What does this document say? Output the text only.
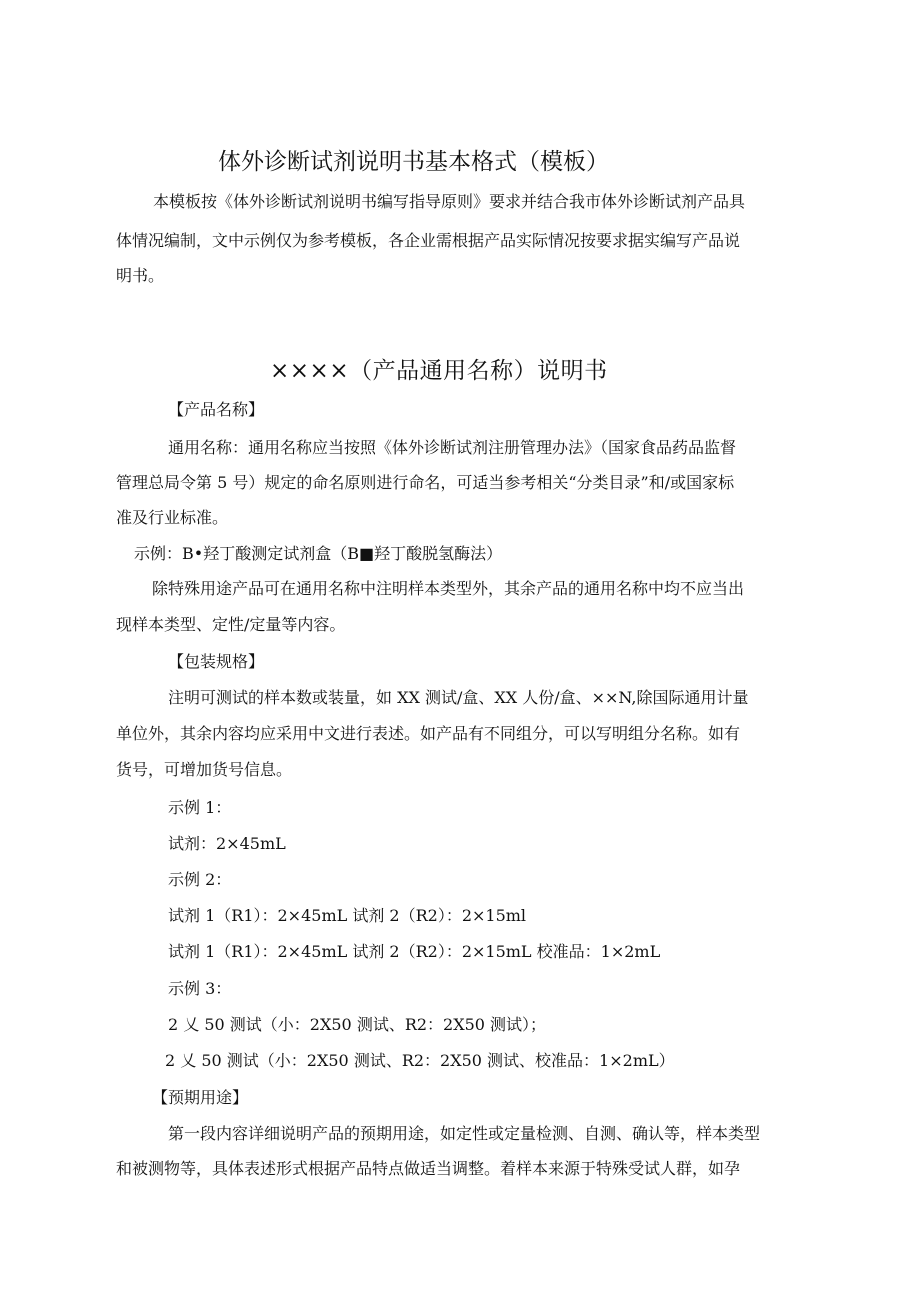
体外诊断试剂说明书基本格式（模板）
本模板按《体外诊断试剂说明书编写指导原则》要求并结合我市体外诊断试剂产品具
体情况编制，文中示例仅为参考模板，各企业需根据产品实际情况按要求据实编写产品说
明书。
××××（产品通用名称）说明书
【产品名称】
通用名称：通用名称应当按照《体外诊断试剂注册管理办法》（国家食品药品监督
管理总局令第 5 号）规定的命名原则进行命名，可适当参考相关“分类目录”和/或国家标
准及行业标准。
示例：B•羟丁酸测定试剂盒（B■羟丁酸脱氢酶法）
除特殊用途产品可在通用名称中注明样本类型外，其余产品的通用名称中均不应当出
现样本类型、定性/定量等内容。
【包装规格】
注明可测试的样本数或装量，如 XX 测试/盒、XX 人份/盒、××N,除国际通用计量
单位外，其余内容均应采用中文进行表述。如产品有不同组分，可以写明组分名称。如有
货号，可增加货号信息。
示例 1：
试剂：2×45mL
示例 2：
试剂 1（R1）：2×45mL 试剂 2（R2）：2×15ml
试剂 1（R1）：2×45mL 试剂 2（R2）：2×15mL 校准品：1×2mL
示例 3：
2 乂 50 测试（小：2X50 测试、R2：2X50 测试）；
2 乂 50 测试（小：2X50 测试、R2：2X50 测试、校准品：1×2mL）
【预期用途】
第一段内容详细说明产品的预期用途，如定性或定量检测、自测、确认等，样本类型
和被测物等，具体表述形式根据产品特点做适当调整。着样本来源于特殊受试人群，如孕
